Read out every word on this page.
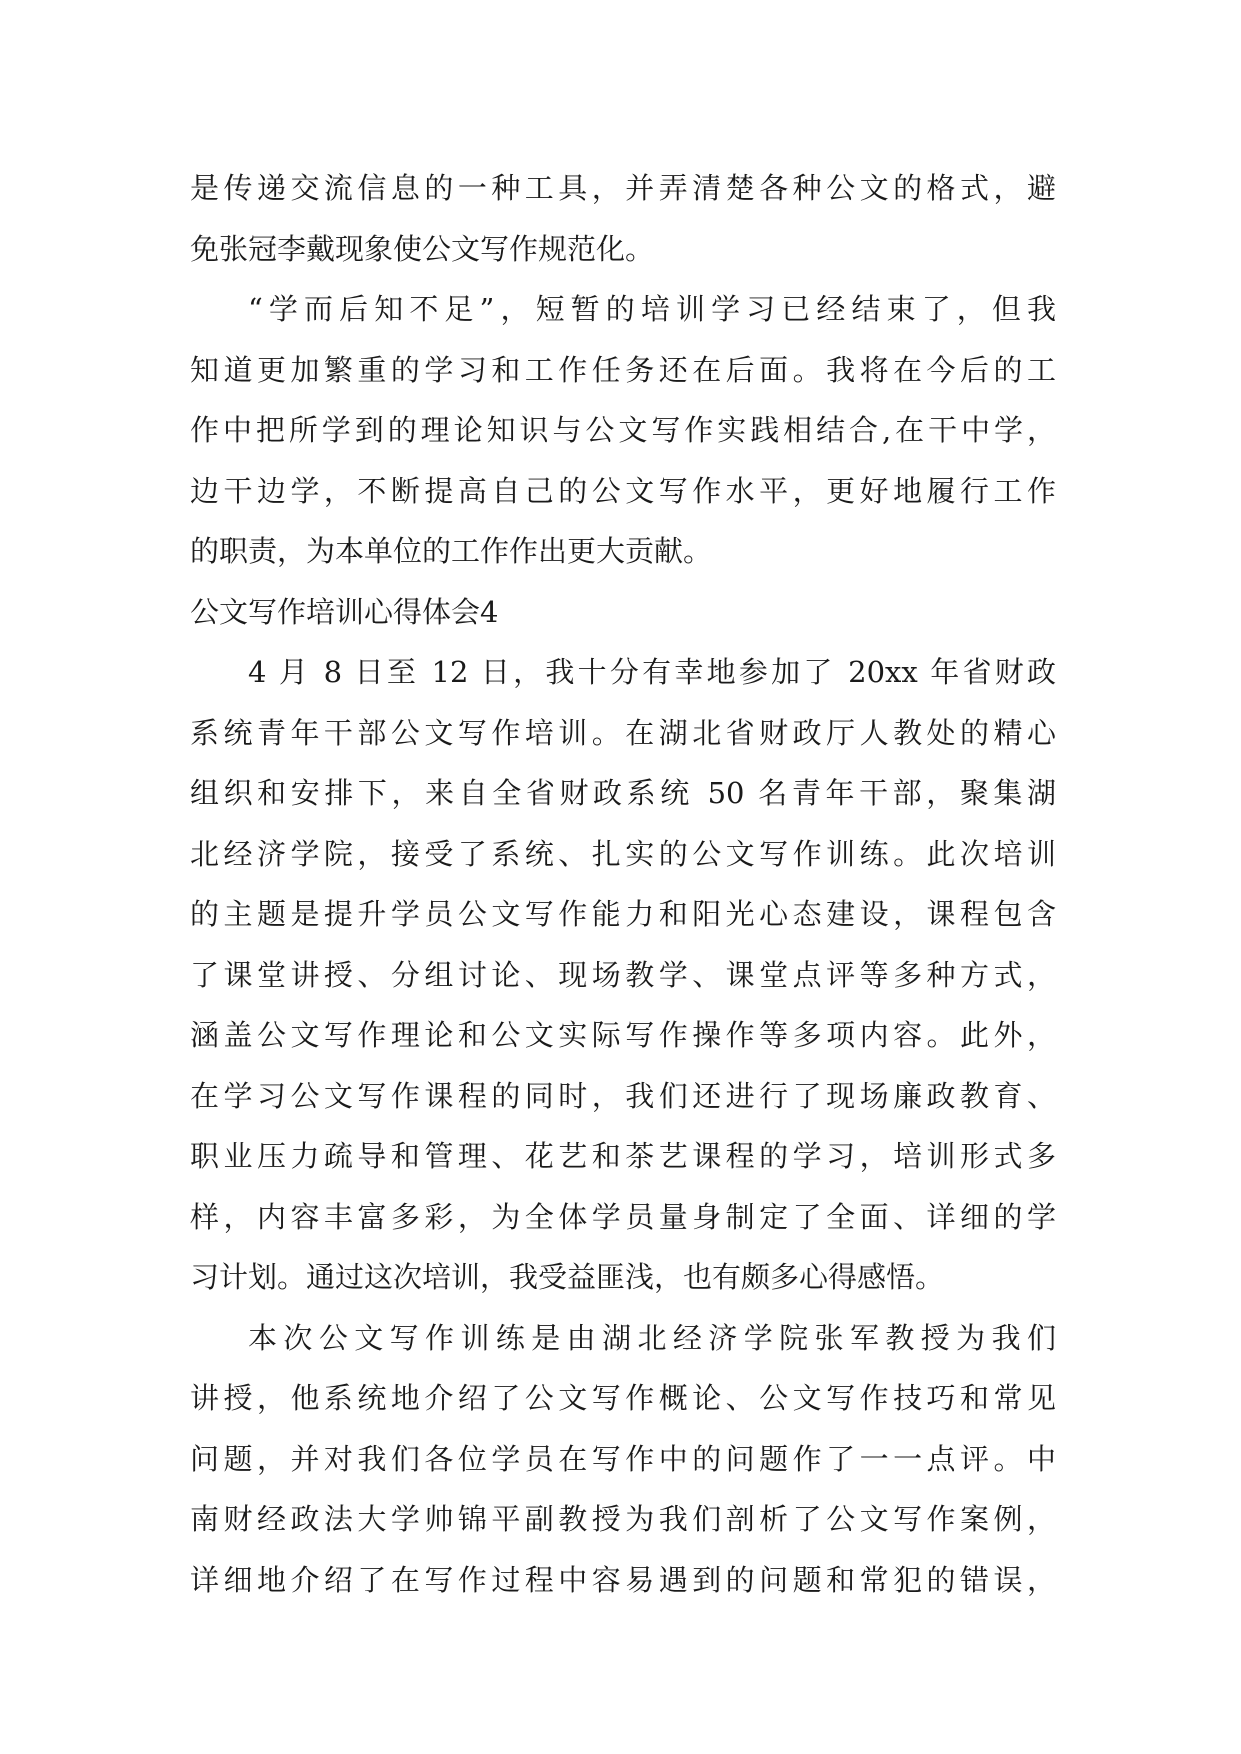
是传递交流信息的一种工具，并弄清楚各种公文的格式，避
免张冠李戴现象使公文写作规范化。
“学而后知不足”，短暂的培训学习已经结束了，但我
知道更加繁重的学习和工作任务还在后面。我将在今后的工
作中把所学到的理论知识与公文写作实践相结合,在干中学，
边干边学，不断提高自己的公文写作水平，更好地履行工作
的职责，为本单位的工作作出更大贡献。
公文写作培训心得体会4
4 月 8 日至 12 日，我十分有幸地参加了 20xx 年省财政
系统青年干部公文写作培训。在湖北省财政厅人教处的精心
组织和安排下，来自全省财政系统 50 名青年干部，聚集湖
北经济学院，接受了系统、扎实的公文写作训练。此次培训
的主题是提升学员公文写作能力和阳光心态建设，课程包含
了课堂讲授、分组讨论、现场教学、课堂点评等多种方式，
涵盖公文写作理论和公文实际写作操作等多项内容。此外，
在学习公文写作课程的同时，我们还进行了现场廉政教育、
职业压力疏导和管理、花艺和茶艺课程的学习，培训形式多
样，内容丰富多彩，为全体学员量身制定了全面、详细的学
习计划。通过这次培训，我受益匪浅，也有颇多心得感悟。
本次公文写作训练是由湖北经济学院张军教授为我们
讲授，他系统地介绍了公文写作概论、公文写作技巧和常见
问题，并对我们各位学员在写作中的问题作了一一点评。中
南财经政法大学帅锦平副教授为我们剖析了公文写作案例，
详细地介绍了在写作过程中容易遇到的问题和常犯的错误，
